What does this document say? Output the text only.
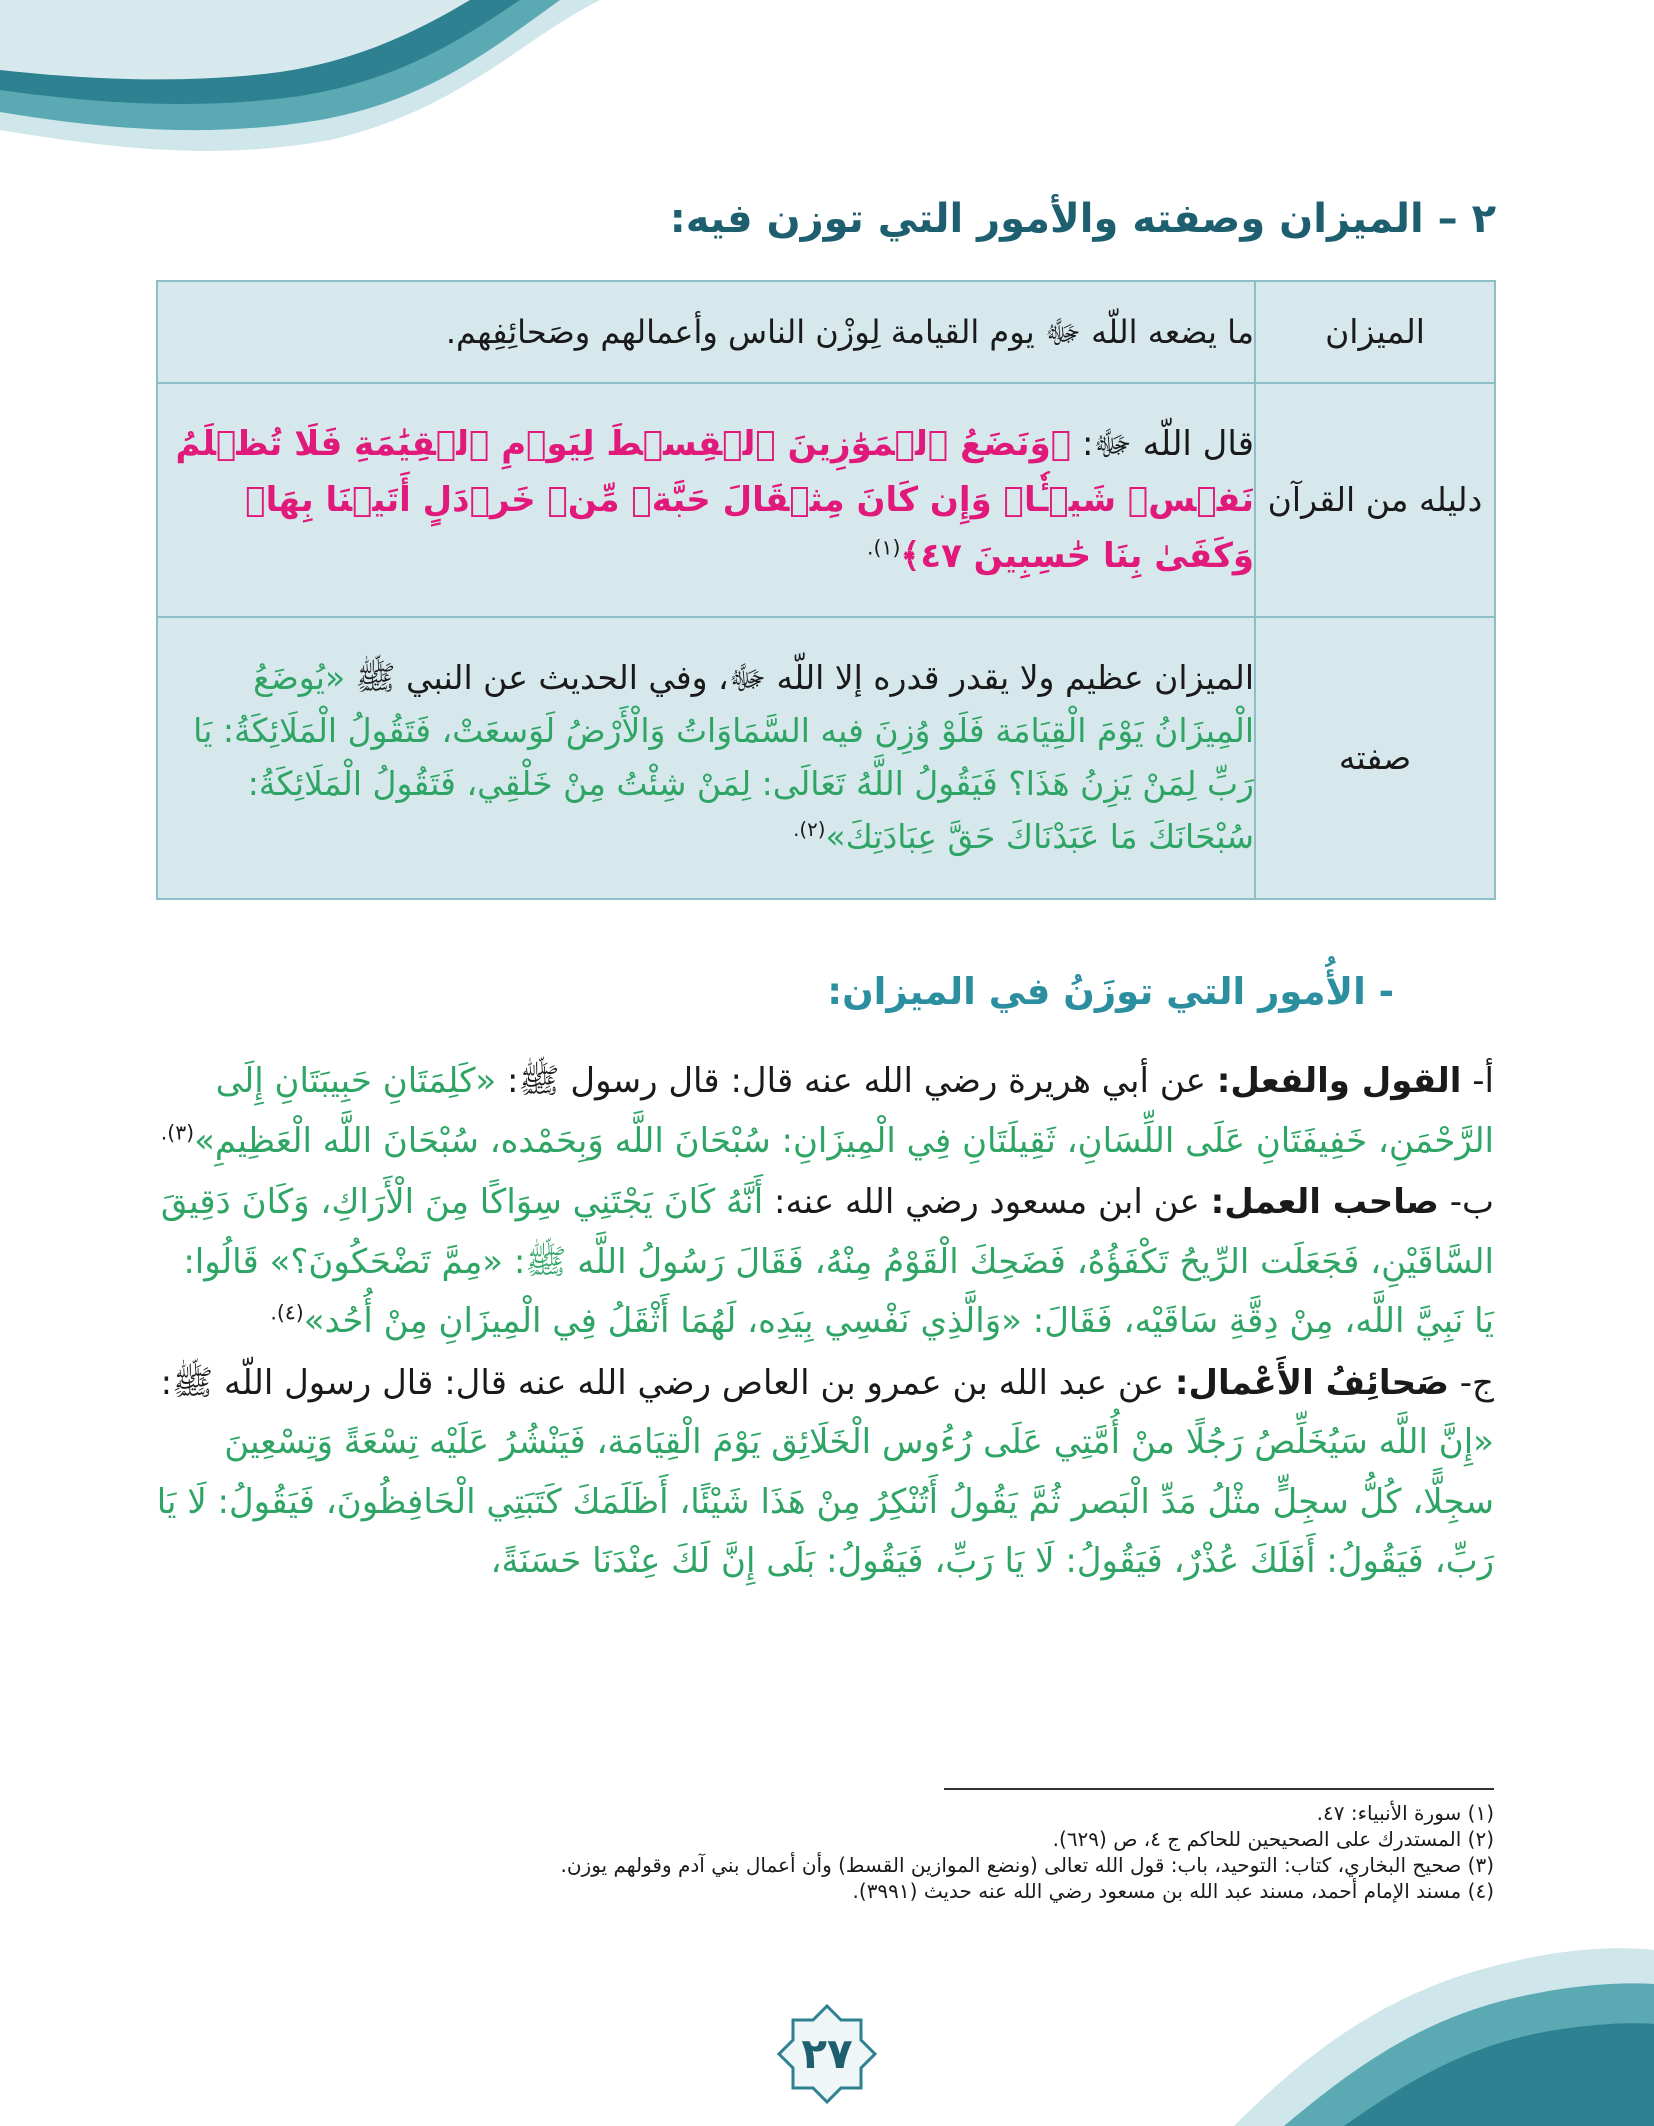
٢ – الميزان وصفته والأمور التي توزن فيه:
الميزان	ما يضعه اللّه ﷻ يوم القيامة لِوزْن الناس وأعمالهم وصَحائِفِهم.
دليله من القرآن	قال اللّه ﷻ: ﴿وَنَضَعُ ٱلۡمَوَٰزِينَ ٱلۡقِسۡطَ لِيَوۡمِ ٱلۡقِيَٰمَةِ فَلَا تُظۡلَمُ نَفۡسٞ شَيۡـٔٗاۖ وَإِن كَانَ مِثۡقَالَ حَبَّةٖ مِّنۡ خَرۡدَلٍ أَتَيۡنَا بِهَاۗ وَكَفَىٰ بِنَا حَٰسِبِينَ ٤٧﴾$^{(١).}$
صفته	الميزان عظيم ولا يقدر قدره إلا اللّه ﷻ، وفي الحديث عن النبي ﷺ «يُوضَعُ الْمِيزَانُ يَوْمَ الْقِيَامَة فَلَوْ وُزِنَ فيه السَّمَاوَاتُ وَالْأَرْضُ لَوَسعَتْ، فَتَقُولُ الْمَلَائِكَةُ: يَا رَبِّ لِمَنْ يَزِنُ هَذَا؟ فَيَقُولُ اللَّهُ تَعَالَى: لِمَنْ شِئْتُ مِنْ خَلْقِي، فَتَقُولُ الْمَلَائِكَةُ: سُبْحَانَكَ مَا عَبَدْنَاكَ حَقَّ عِبَادَتِكَ»$^{(٢).}$
- الأُمور التي توزَنُ في الميزان:

أ- القول والفعل: عن أبي هريرة رضي الله عنه قال: قال رسول ﷺ: «كَلِمَتَانِ حَبِيبَتَانِ إِلَى الرَّحْمَنِ، خَفِيفَتَانِ عَلَى اللِّسَانِ، ثَقِيلَتَانِ فِي الْمِيزَانِ: سُبْحَانَ اللَّه وَبِحَمْده، سُبْحَانَ اللَّه الْعَظِيمِ»$^{(٣).}$

ب- صاحب العمل: عن ابن مسعود رضي الله عنه: أَنَّهُ كَانَ يَجْتَنِي سِوَاكًا مِنَ الْأَرَاكِ، وَكَانَ دَقِيقَ السَّاقَيْنِ، فَجَعَلَت الرِّيحُ تَكْفَؤُهُ، فَضَحِكَ الْقَوْمُ مِنْهُ، فَقَالَ رَسُولُ اللَّه ﷺ: «مِمَّ تَضْحَكُونَ؟» قَالُوا: يَا نَبِيَّ اللَّه، مِنْ دِقَّةِ سَاقَيْه، فَقَالَ: «وَالَّذِي نَفْسِي بِيَدِه، لَهُمَا أَثْقَلُ فِي الْمِيزَانِ مِنْ أُحُد»$^{(٤).}$

ج- صَحائِفُ الأَعْمال: عن عبد الله بن عمرو بن العاص رضي الله عنه قال: قال رسول اللّه ﷺ: «إِنَّ اللَّه سَيُخَلِّصُ رَجُلًا منْ أُمَّتِي عَلَى رُءُوس الْخَلَائِق يَوْمَ الْقِيَامَة، فَيَنْشُرُ عَلَيْه تِسْعَةً وَتِسْعِينَ سجِلًّا، كُلُّ سجِلٍّ مثْلُ مَدِّ الْبَصر ثُمَّ يَقُولُ أَتُنْكِرُ مِنْ هَذَا شَيْئًا، أَظَلَمَكَ كَتَبَتِي الْحَافِظُونَ، فَيَقُولُ: لَا يَا رَبِّ، فَيَقُولُ: أَفَلَكَ عُذْرٌ، فَيَقُولُ: لَا يَا رَبِّ، فَيَقُولُ: بَلَى إِنَّ لَكَ عِنْدَنَا حَسَنَةً،

(١) سورة الأنبياء: ٤٧.

(٢) المستدرك على الصحيحين للحاكم ج ٤، ص (٦٢٩).

(٣) صحيح البخاري، كتاب: التوحيد، باب: قول الله تعالى (ونضع الموازين القسط) وأن أعمال بني آدم وقولهم يوزن.

(٤) مسند الإمام أحمد، مسند عبد الله بن مسعود رضي الله عنه حديث (٣٩٩١).

٢٧
